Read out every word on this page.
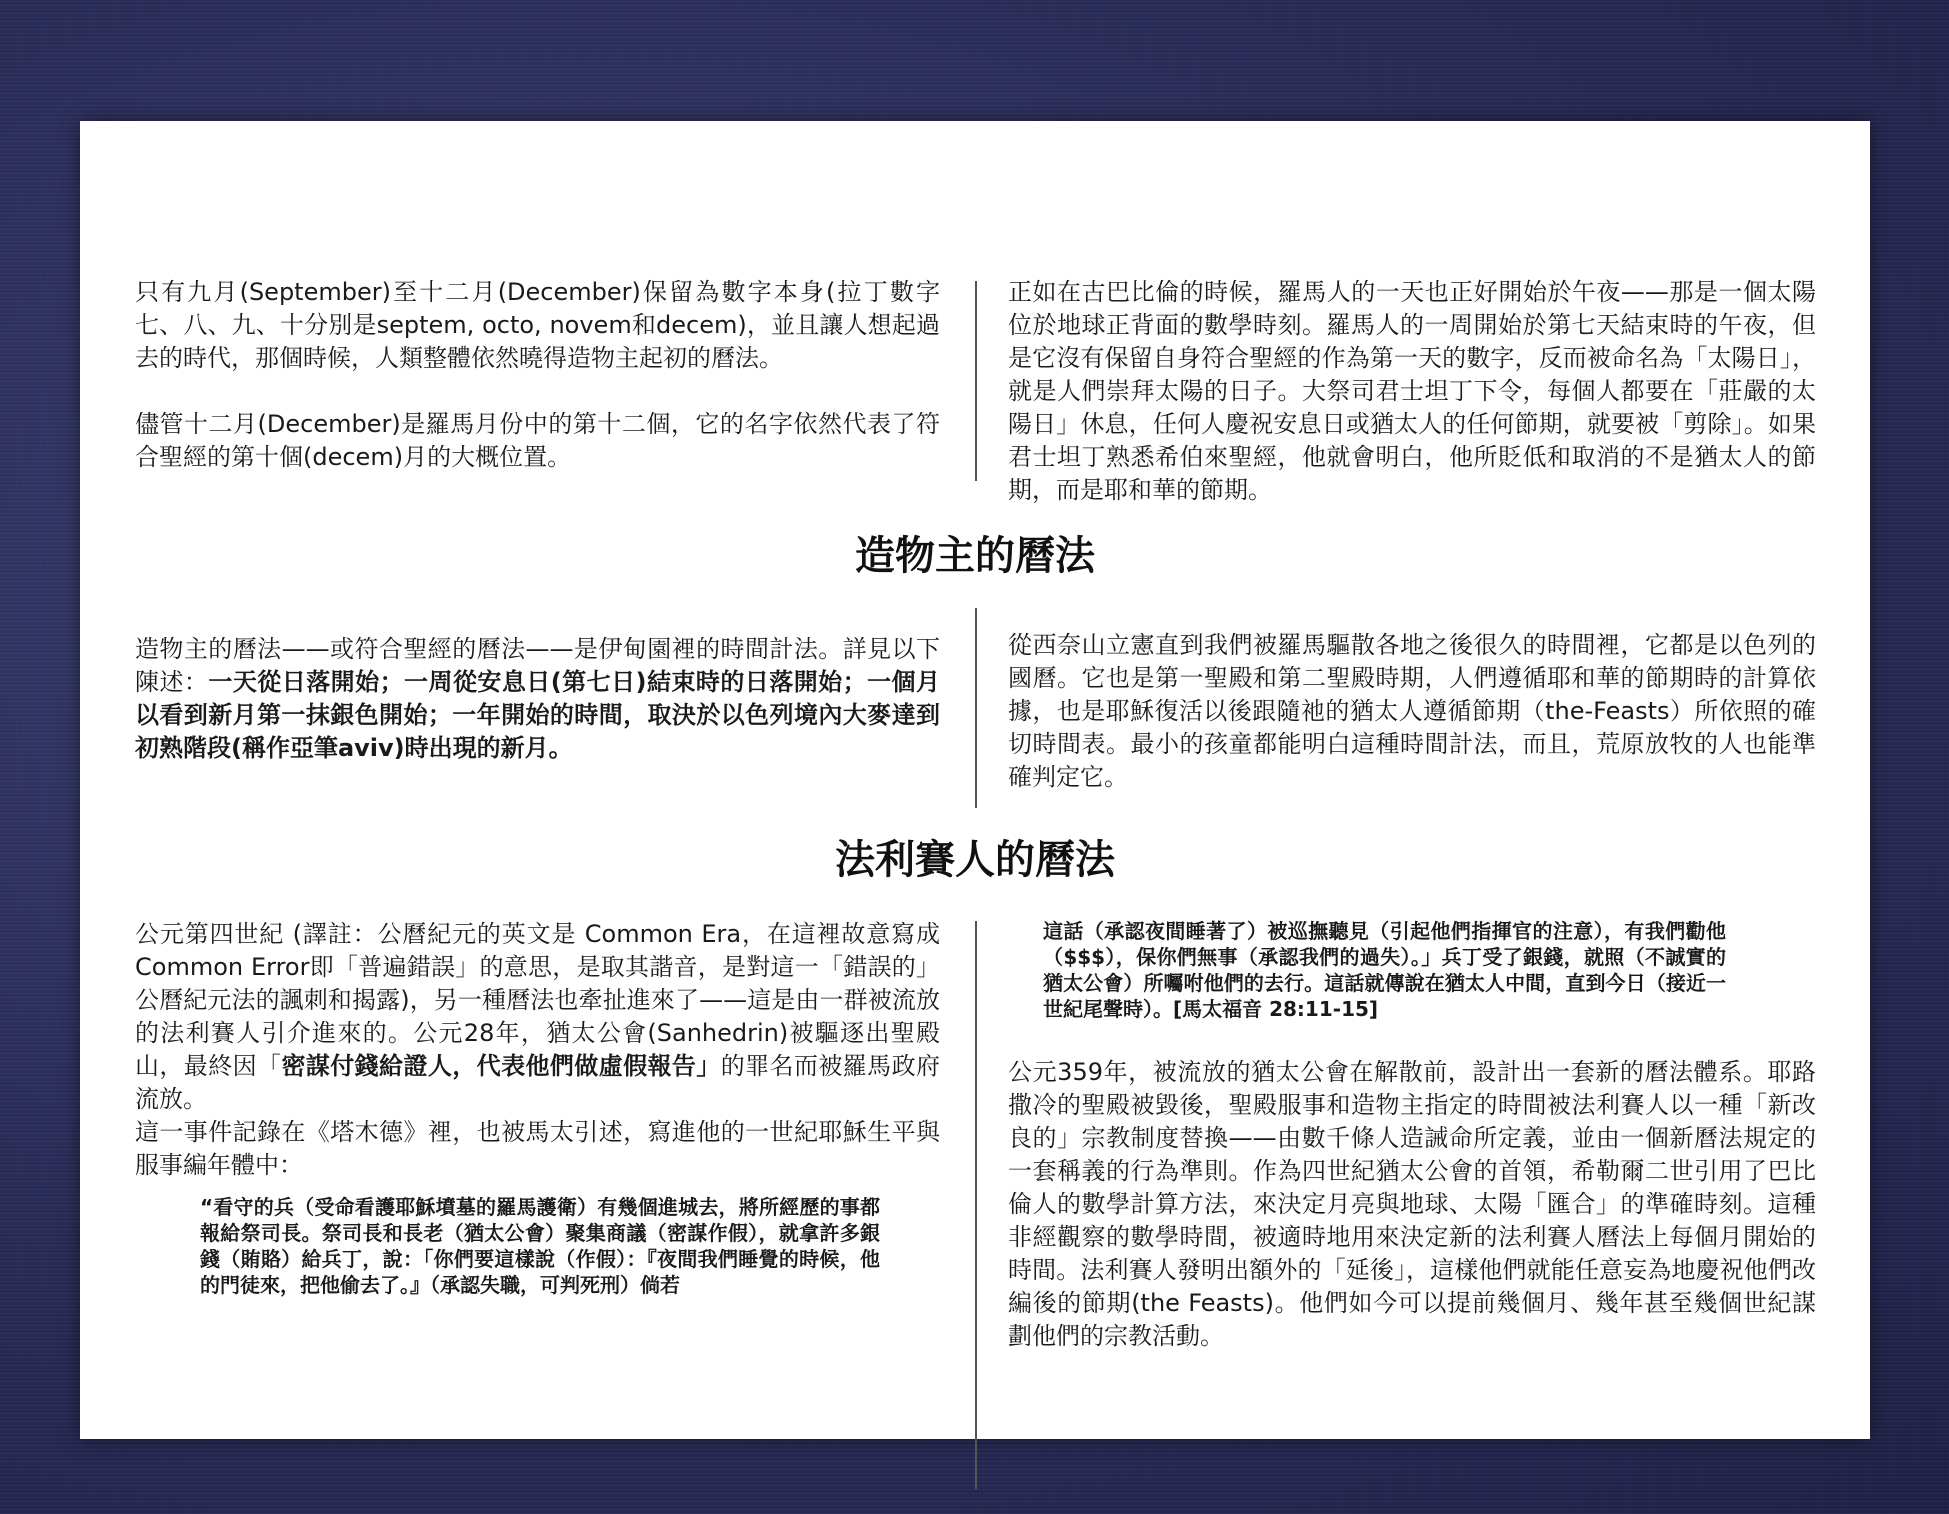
只有九月(September)至十二月(December)保留為數字本身(拉丁數字七、八、九、十分別是septem, octo, novem和decem)，並且讓人想起過去的時代，那個時候，人類整體依然曉得造物主起初的曆法。

儘管十二月(December)是羅馬月份中的第十二個，它的名字依然代表了符合聖經的第十個(decem)月的大概位置。

正如在古巴比倫的時候，羅馬人的一天也正好開始於午夜——那是一個太陽位於地球正背面的數學時刻。羅馬人的一周開始於第七天結束時的午夜，但是它沒有保留自身符合聖經的作為第一天的數字，反而被命名為「太陽日」，就是人們崇拜太陽的日子。大祭司君士坦丁下令，每個人都要在「莊嚴的太陽日」休息，任何人慶祝安息日或猶太人的任何節期，就要被「剪除」。如果君士坦丁熟悉希伯來聖經，他就會明白，他所貶低和取消的不是猶太人的節期，而是耶和華的節期。

造物主的曆法

造物主的曆法——或符合聖經的曆法——是伊甸園裡的時間計法。詳見以下陳述：一天從日落開始；一周從安息日(第七日)結束時的日落開始；一個月以看到新月第一抹銀色開始；一年開始的時間，取決於以色列境內大麥達到初熟階段(稱作亞筆aviv)時出現的新月。

從西奈山立憲直到我們被羅馬驅散各地之後很久的時間裡，它都是以色列的國曆。它也是第一聖殿和第二聖殿時期，人們遵循耶和華的節期時的計算依據，也是耶穌復活以後跟隨祂的猶太人遵循節期（the-Feasts）所依照的確切時間表。最小的孩童都能明白這種時間計法，而且，荒原放牧的人也能準確判定它。

法利賽人的曆法

公元第四世紀 (譯註：公曆紀元的英文是 Common Era，在這裡故意寫成 Common Error即「普遍錯誤」的意思，是取其諧音，是對這一「錯誤的」公曆紀元法的諷刺和揭露)，另一種曆法也牽扯進來了——這是由一群被流放的法利賽人引介進來的。公元28年，猶太公會(Sanhedrin)被驅逐出聖殿山，最終因「密謀付錢給證人，代表他們做虛假報告」的罪名而被羅馬政府流放。

這一事件記錄在《塔木德》裡，也被馬太引述，寫進他的一世紀耶穌生平與服事編年體中：

“看守的兵（受命看護耶穌墳墓的羅馬護衛）有幾個進城去，將所經歷的事都報給祭司長。祭司長和長老（猶太公會）聚集商議（密謀作假），就拿許多銀錢（賄賂）給兵丁，說：「你們要這樣說（作假）：『夜間我們睡覺的時候，他的門徒來，把他偷去了。』（承認失職，可判死刑）倘若

這話（承認夜間睡著了）被巡撫聽見（引起他們指揮官的注意），有我們勸他（$$$），保你們無事（承認我們的過失）。」兵丁受了銀錢，就照（不誠實的猶太公會）所囑咐他們的去行。這話就傳說在猶太人中間，直到今日（接近一世紀尾聲時）。[馬太福音 28:11-15]

公元359年，被流放的猶太公會在解散前，設計出一套新的曆法體系。耶路撒冷的聖殿被毀後，聖殿服事和造物主指定的時間被法利賽人以一種「新改良的」宗教制度替換——由數千條人造誡命所定義，並由一個新曆法規定的一套稱義的行為準則。作為四世紀猶太公會的首領，希勒爾二世引用了巴比倫人的數學計算方法，來決定月亮與地球、太陽「匯合」的準確時刻。這種非經觀察的數學時間，被適時地用來決定新的法利賽人曆法上每個月開始的時間。法利賽人發明出額外的「延後」，這樣他們就能任意妄為地慶祝他們改編後的節期(the Feasts)。他們如今可以提前幾個月、幾年甚至幾個世紀謀劃他們的宗教活動。
